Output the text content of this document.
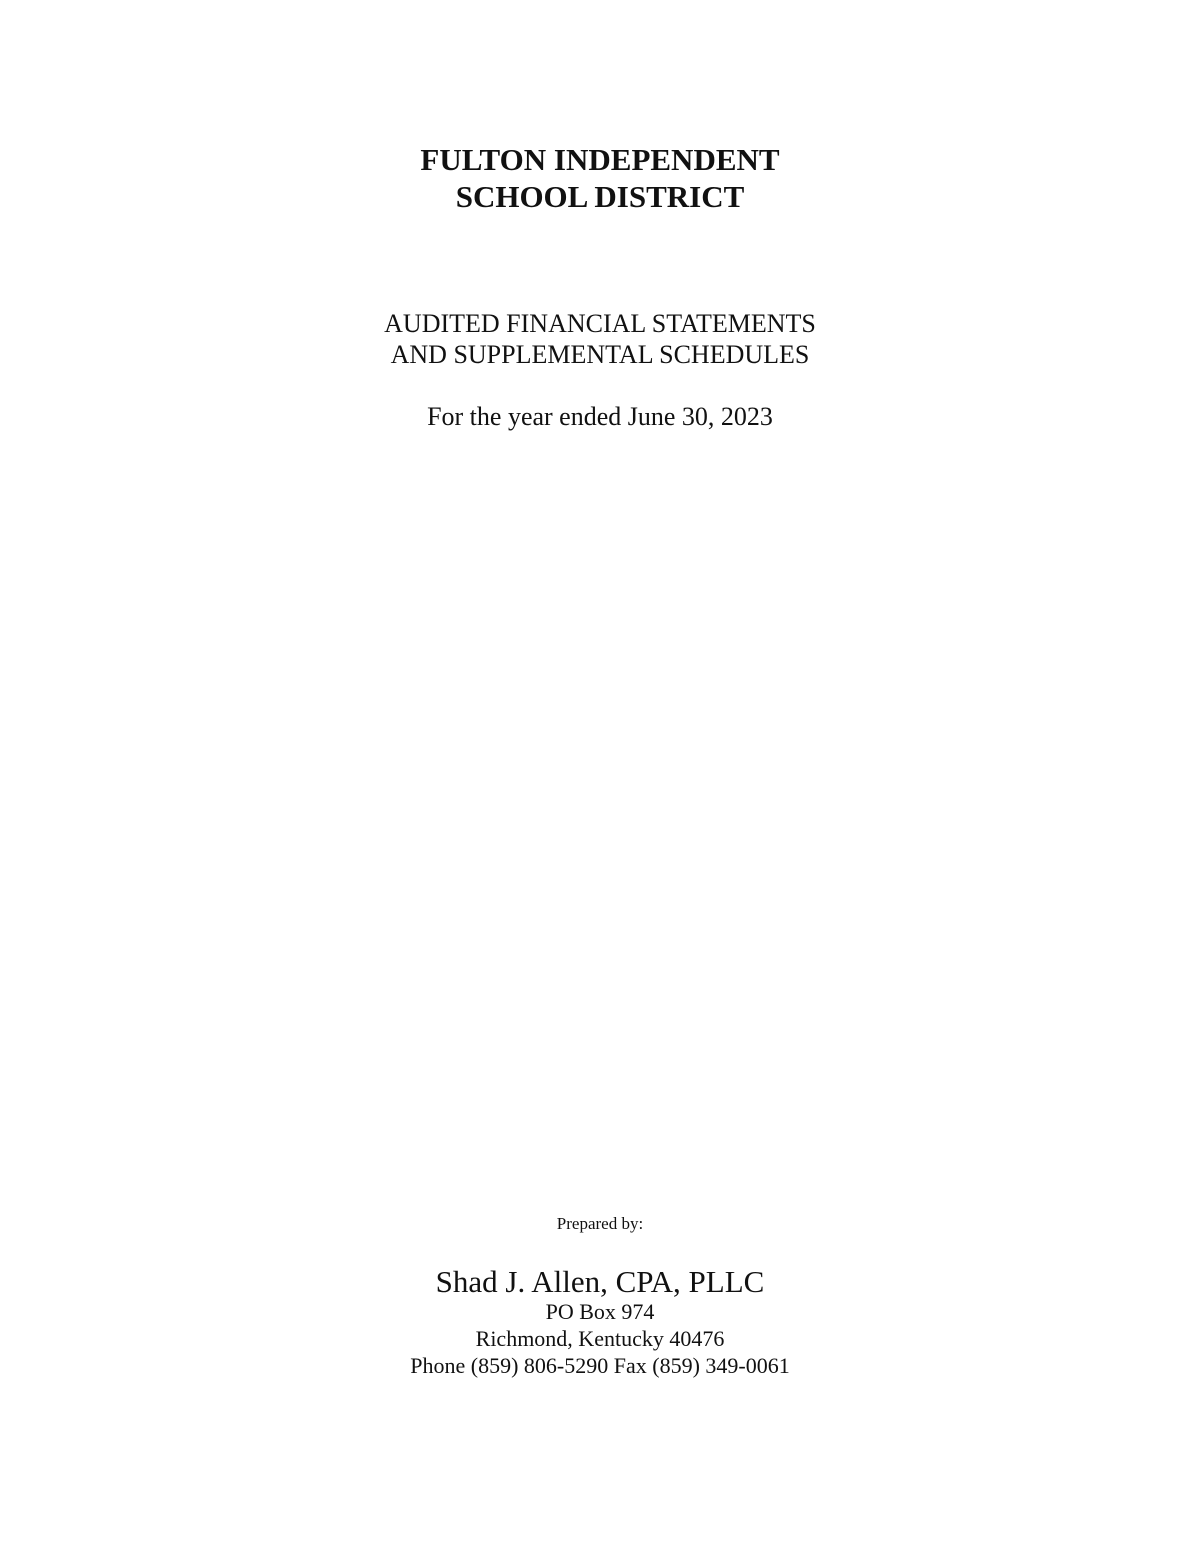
FULTON INDEPENDENT
SCHOOL DISTRICT
AUDITED FINANCIAL STATEMENTS
AND SUPPLEMENTAL SCHEDULES

For the year ended June 30, 2023

Prepared by:

Shad J. Allen, CPA, PLLC

PO Box 974
Richmond, Kentucky 40476
Phone (859) 806-5290 Fax (859) 349-0061
